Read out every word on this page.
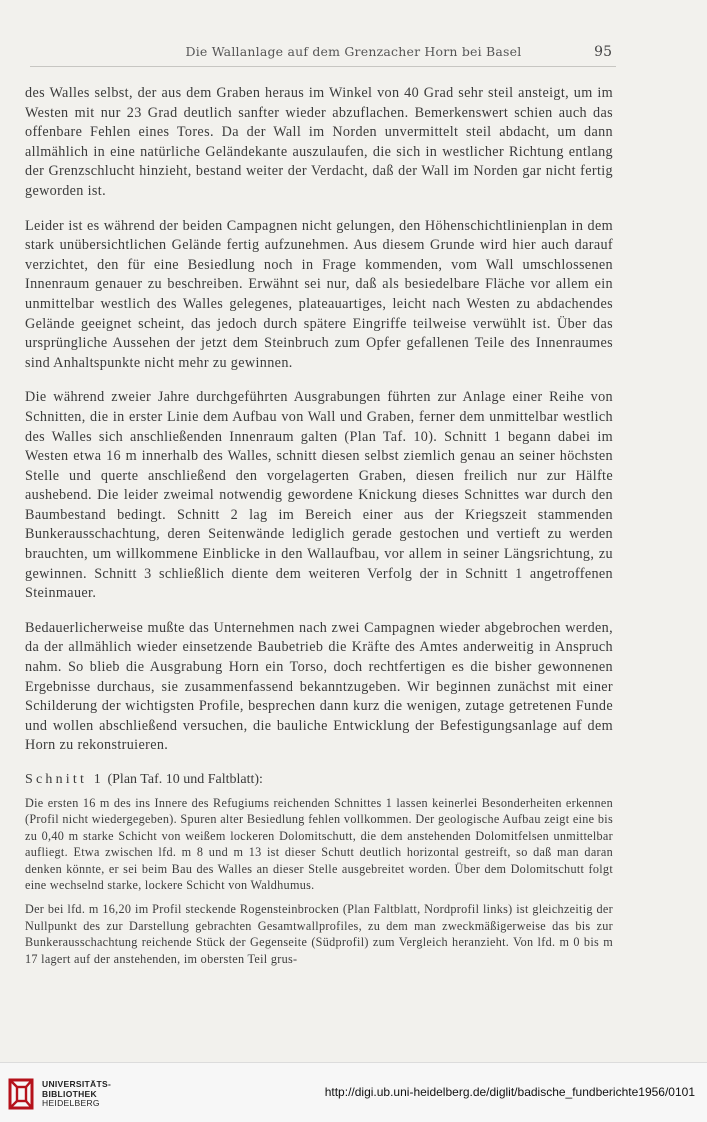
Die Wallanlage auf dem Grenzacher Horn bei Basel	95

des Walles selbst, der aus dem Graben heraus im Winkel von 40 Grad sehr steil ansteigt, um im Westen mit nur 23 Grad deutlich sanfter wieder abzuflachen. Bemerkenswert schien auch das offenbare Fehlen eines Tores. Da der Wall im Norden unvermittelt steil abdacht, um dann allmählich in eine natürliche Geländekante auszulaufen, die sich in westlicher Richtung entlang der Grenzschlucht hinzieht, bestand weiter der Verdacht, daß der Wall im Norden gar nicht fertig geworden ist.

Leider ist es während der beiden Campagnen nicht gelungen, den Höhenschichtlinienplan in dem stark unübersichtlichen Gelände fertig aufzunehmen. Aus diesem Grunde wird hier auch darauf verzichtet, den für eine Besiedlung noch in Frage kommenden, vom Wall umschlossenen Innenraum genauer zu beschreiben. Erwähnt sei nur, daß als besiedelbare Fläche vor allem ein unmittelbar westlich des Walles gelegenes, plateauartiges, leicht nach Westen zu abdachendes Gelände geeignet scheint, das jedoch durch spätere Eingriffe teilweise verwühlt ist. Über das ursprüngliche Aussehen der jetzt dem Steinbruch zum Opfer gefallenen Teile des Innenraumes sind Anhaltspunkte nicht mehr zu gewinnen.

Die während zweier Jahre durchgeführten Ausgrabungen führten zur Anlage einer Reihe von Schnitten, die in erster Linie dem Aufbau von Wall und Graben, ferner dem unmittelbar westlich des Walles sich anschließenden Innenraum galten (Plan Taf. 10). Schnitt 1 begann dabei im Westen etwa 16 m innerhalb des Walles, schnitt diesen selbst ziemlich genau an seiner höchsten Stelle und querte anschließend den vorgelagerten Graben, diesen freilich nur zur Hälfte aushebend. Die leider zweimal notwendig gewordene Knickung dieses Schnittes war durch den Baumbestand bedingt. Schnitt 2 lag im Bereich einer aus der Kriegszeit stammenden Bunkerausschachtung, deren Seitenwände lediglich gerade gestochen und vertieft zu werden brauchten, um willkommene Einblicke in den Wallaufbau, vor allem in seiner Längsrichtung, zu gewinnen. Schnitt 3 schließlich diente dem weiteren Verfolg der in Schnitt 1 angetroffenen Steinmauer.

Bedauerlicherweise mußte das Unternehmen nach zwei Campagnen wieder abgebrochen werden, da der allmählich wieder einsetzende Baubetrieb die Kräfte des Amtes anderweitig in Anspruch nahm. So blieb die Ausgrabung Horn ein Torso, doch rechtfertigen es die bisher gewonnenen Ergebnisse durchaus, sie zusammenfassend bekanntzugeben. Wir beginnen zunächst mit einer Schilderung der wichtigsten Profile, besprechen dann kurz die wenigen, zutage getretenen Funde und wollen abschließend versuchen, die bauliche Entwicklung der Befestigungsanlage auf dem Horn zu rekonstruieren.

Schnitt 1 (Plan Taf. 10 und Faltblatt):

Die ersten 16 m des ins Innere des Refugiums reichenden Schnittes 1 lassen keinerlei Besonderheiten erkennen (Profil nicht wiedergegeben). Spuren alter Besiedlung fehlen vollkommen. Der geologische Aufbau zeigt eine bis zu 0,40 m starke Schicht von weißem lockeren Dolomitschutt, die dem anstehenden Dolomitfelsen unmittelbar aufliegt. Etwa zwischen lfd. m 8 und m 13 ist dieser Schutt deutlich horizontal gestreift, so daß man daran denken könnte, er sei beim Bau des Walles an dieser Stelle ausgebreitet worden. Über dem Dolomitschutt folgt eine wechselnd starke, lockere Schicht von Waldhumus.

Der bei lfd. m 16,20 im Profil steckende Rogensteinbrocken (Plan Faltblatt, Nordprofil links) ist gleichzeitig der Nullpunkt des zur Darstellung gebrachten Gesamtwallprofiles, zu dem man zweckmäßigerweise das bis zur Bunkerausschachtung reichende Stück der Gegenseite (Südprofil) zum Vergleich heranzieht. Von lfd. m 0 bis m 17 lagert auf der anstehenden, im obersten Teil grus-

UNIVERSITÄTS-
BIBLIOTHEK
HEIDELBERG
http://digi.ub.uni-heidelberg.de/diglit/badische_fundberichte1956/0101
